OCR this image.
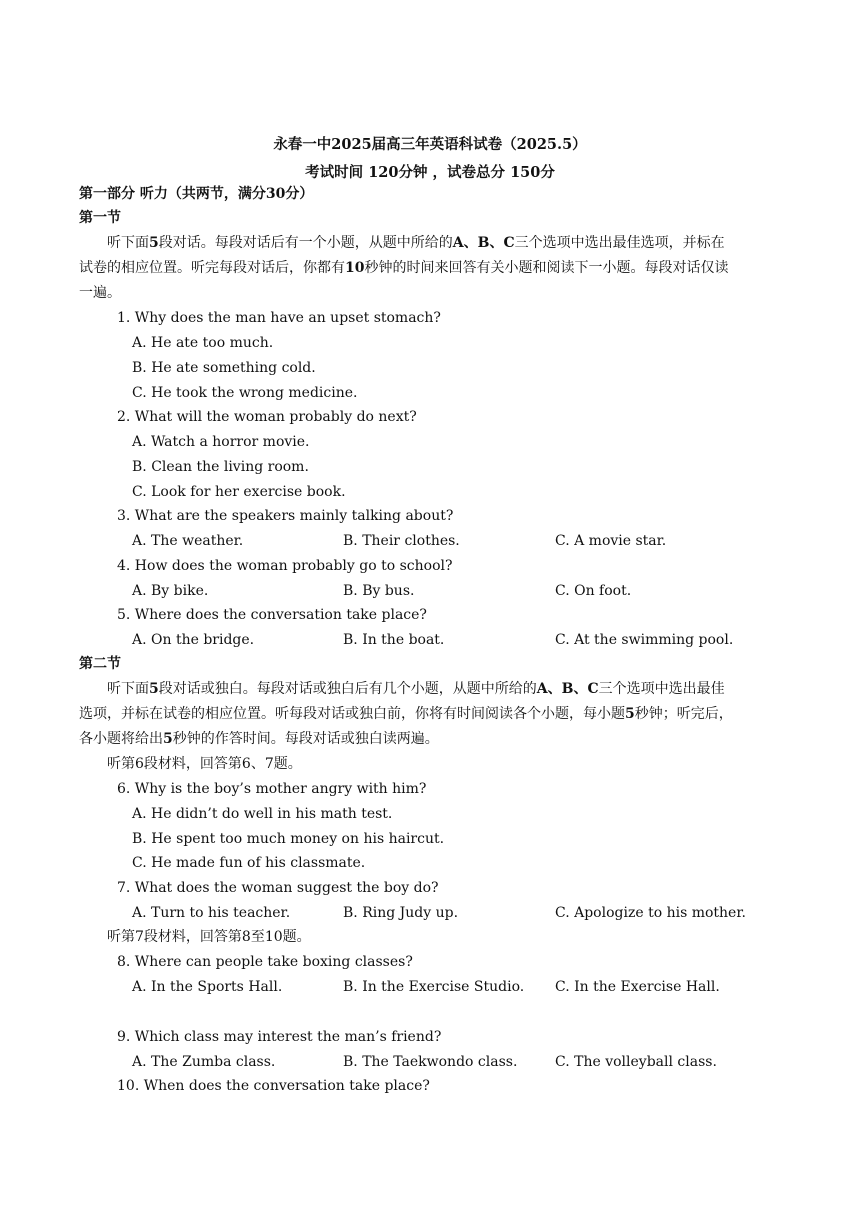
永春一中2025届高三年英语科试卷（2025.5）
考试时间 120分钟 ，试卷总分 150分
第一部分 听力（共两节，满分30分）
第一节
听下面5段对话。每段对话后有一个小题，从题中所给的A、B、C三个选项中选出最佳选项，并标在
试卷的相应位置。听完每段对话后，你都有10秒钟的时间来回答有关小题和阅读下一小题。每段对话仅读
一遍。
1. Why does the man have an upset stomach?
A. He ate too much.
B. He ate something cold.
C. He took the wrong medicine.
2. What will the woman probably do next?
A. Watch a horror movie.
B. Clean the living room.
C. Look for her exercise book.
3. What are the speakers mainly talking about?
A. The weather.	B. Their clothes.	C. A movie star.
4. How does the woman probably go to school?
A. By bike.	B. By bus.	C. On foot.
5. Where does the conversation take place?
A. On the bridge.	B. In the boat.	C. At the swimming pool.
第二节
听下面5段对话或独白。每段对话或独白后有几个小题，从题中所给的A、B、C三个选项中选出最佳
选项，并标在试卷的相应位置。听每段对话或独白前，你将有时间阅读各个小题，每小题5秒钟；听完后，
各小题将给出5秒钟的作答时间。每段对话或独白读两遍。
听第6段材料，回答第6、7题。
6. Why is the boy’s mother angry with him?
A. He didn’t do well in his math test.
B. He spent too much money on his haircut.
C. He made fun of his classmate.
7. What does the woman suggest the boy do?
A. Turn to his teacher.	B. Ring Judy up.	C. Apologize to his mother.
听第7段材料，回答第8至10题。
8. Where can people take boxing classes?
A. In the Sports Hall.	B. In the Exercise Studio. C. In the Exercise Hall.
9. Which class may interest the man’s friend?
A. The Zumba class.	B. The Taekwondo class.	C. The volleyball class.
10. When does the conversation take place?
